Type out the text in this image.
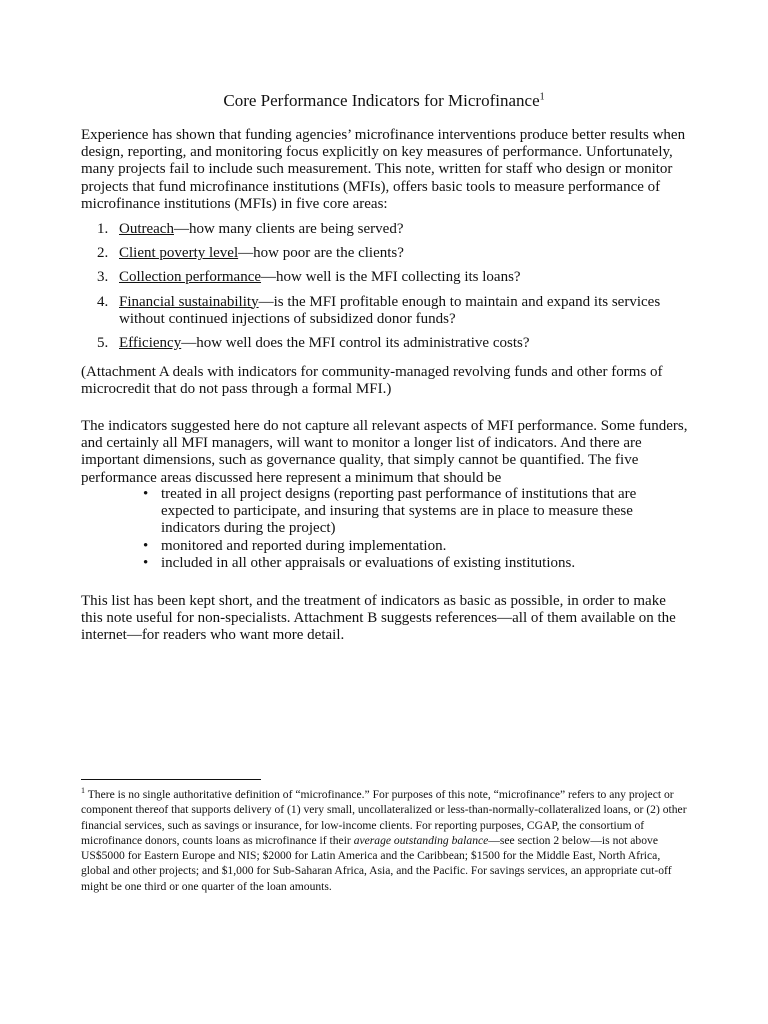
Core Performance Indicators for Microfinance$^1$

Experience has shown that funding agencies’ microfinance interventions produce better results when design, reporting, and monitoring focus explicitly on key measures of performance. Unfortunately, many projects fail to include such measurement. This note, written for staff who design or monitor projects that fund microfinance institutions (MFIs), offers basic tools to measure performance of microfinance institutions (MFIs) in five core areas:

1. Outreach—how many clients are being served?
2. Client poverty level—how poor are the clients?
3. Collection performance—how well is the MFI collecting its loans?
4. Financial sustainability—is the MFI profitable enough to maintain and expand its services without continued injections of subsidized donor funds?
5. Efficiency—how well does the MFI control its administrative costs?

(Attachment A deals with indicators for community-managed revolving funds and other forms of microcredit that do not pass through a formal MFI.)

The indicators suggested here do not capture all relevant aspects of MFI performance. Some funders, and certainly all MFI managers, will want to monitor a longer list of indicators. And there are important dimensions, such as governance quality, that simply cannot be quantified. The five performance areas discussed here represent a minimum that should be

• treated in all project designs (reporting past performance of institutions that are expected to participate, and insuring that systems are in place to measure these indicators during the project)
• monitored and reported during implementation.
• included in all other appraisals or evaluations of existing institutions.

This list has been kept short, and the treatment of indicators as basic as possible, in order to make this note useful for non-specialists. Attachment B suggests references—all of them available on the internet—for readers who want more detail.

$^1$ There is no single authoritative definition of “microfinance.” For purposes of this note, “microfinance” refers to any project or component thereof that supports delivery of (1) very small, uncollateralized or less-than-normally-collateralized loans, or (2) other financial services, such as savings or insurance, for low-income clients. For reporting purposes, CGAP, the consortium of microfinance donors, counts loans as microfinance if their average outstanding balance—see section 2 below—is not above US$5000 for Eastern Europe and NIS; $2000 for Latin America and the Caribbean; $1500 for the Middle East, North Africa, global and other projects; and $1,000 for Sub-Saharan Africa, Asia, and the Pacific. For savings services, an appropriate cut-off might be one third or one quarter of the loan amounts.
